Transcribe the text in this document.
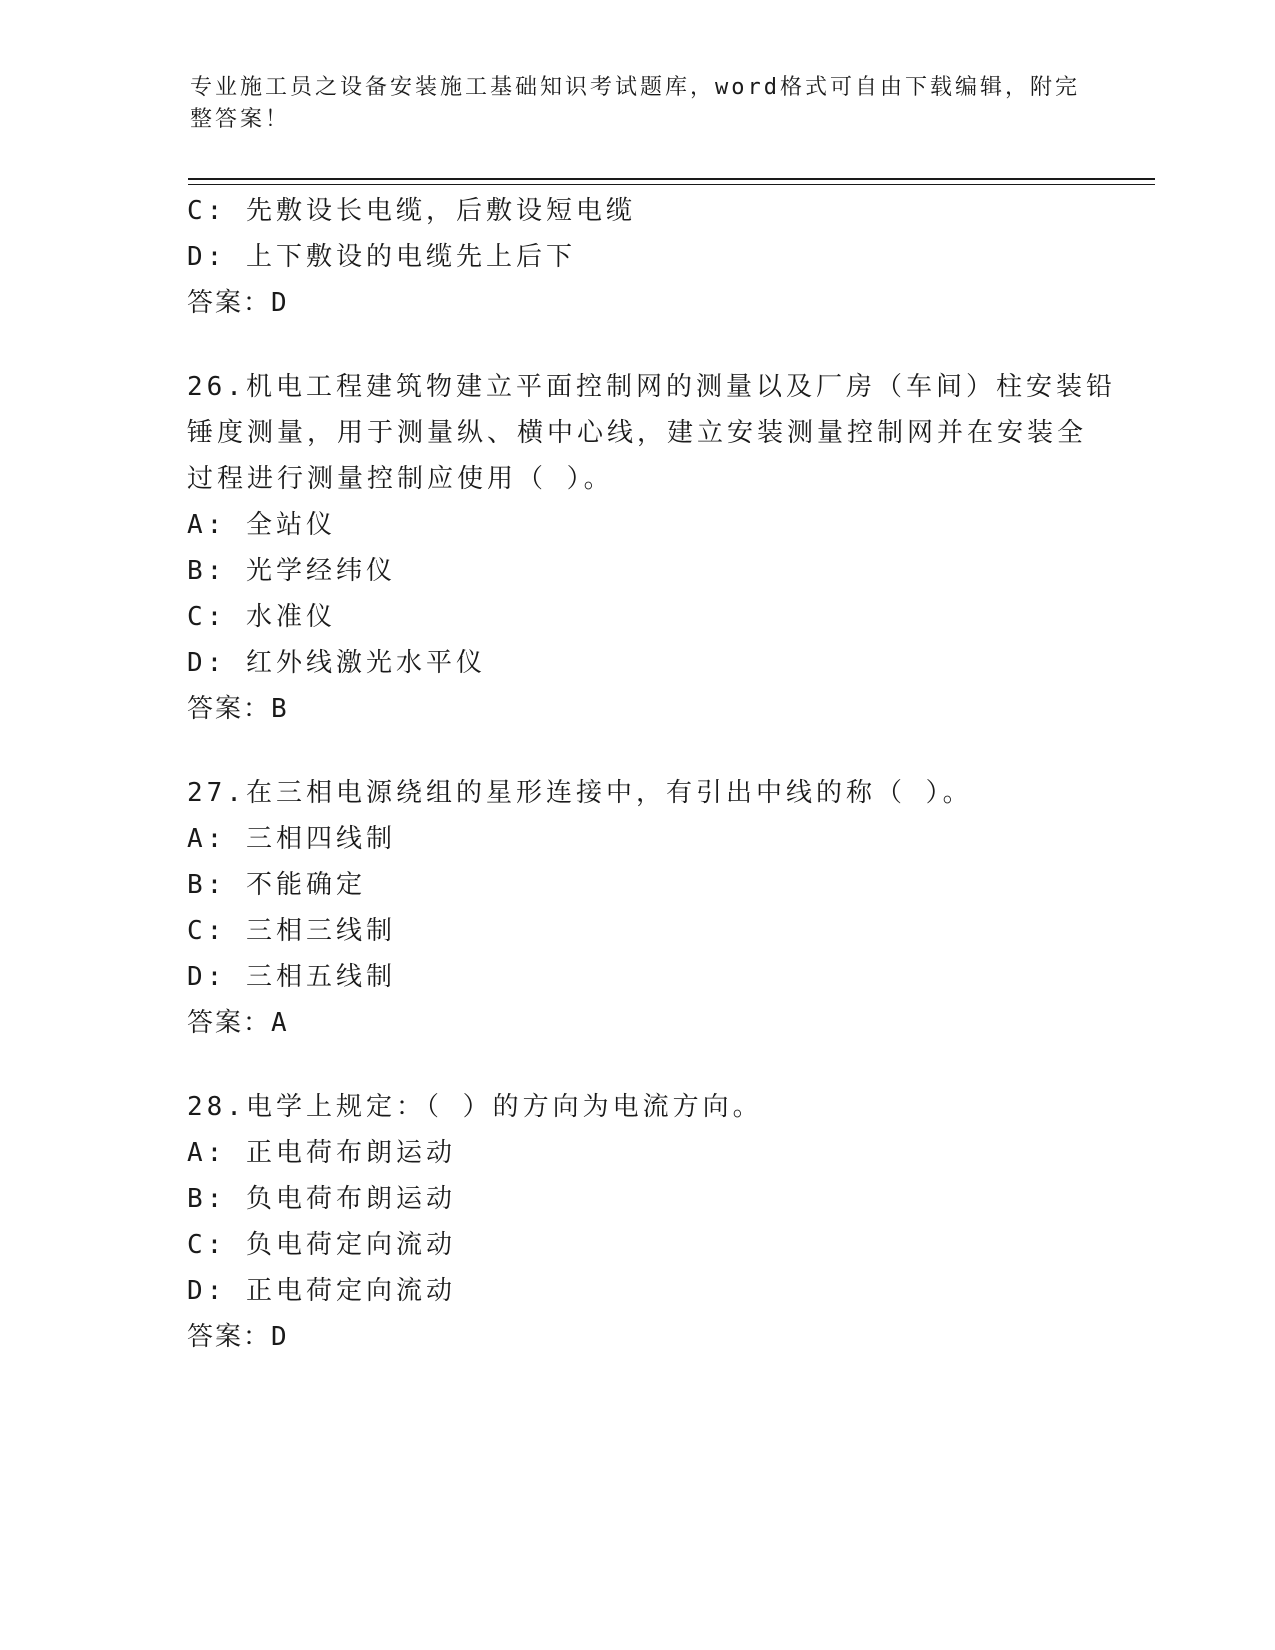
专业施工员之设备安装施工基础知识考试题库，word格式可自由下载编辑，附完
整答案！
C: 先敷设长电缆，后敷设短电缆
D: 上下敷设的电缆先上后下
答案：D
26.机电工程建筑物建立平面控制网的测量以及厂房（车间）柱安装铅
锤度测量，用于测量纵、横中心线，建立安装测量控制网并在安装全
过程进行测量控制应使用（ ）。
A: 全站仪
B: 光学经纬仪
C: 水准仪
D: 红外线激光水平仪
答案：B
27.在三相电源绕组的星形连接中，有引出中线的称（ ）。
A: 三相四线制
B: 不能确定
C: 三相三线制
D: 三相五线制
答案：A
28.电学上规定：（ ）的方向为电流方向。
A: 正电荷布朗运动
B: 负电荷布朗运动
C: 负电荷定向流动
D: 正电荷定向流动
答案：D
